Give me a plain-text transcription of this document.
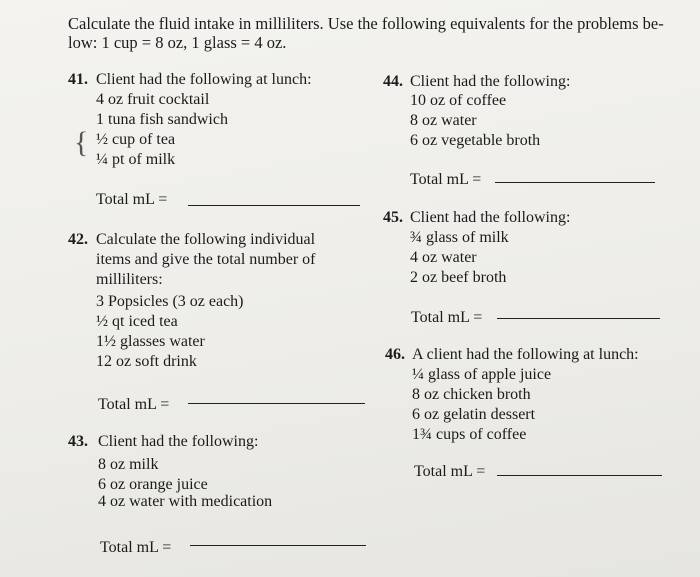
Calculate the fluid intake in milliliters. Use the following equivalents for the problems be-
low: 1 cup = 8 oz, 1 glass = 4 oz.
41. Client had the following at lunch:
4 oz fruit cocktail
1 tuna fish sandwich
½ cup of tea
¼ pt of milk
{
Total mL =
42. Calculate the following individual
items and give the total number of
milliliters:
3 Popsicles (3 oz each)
½ qt iced tea
1½ glasses water
12 oz soft drink
Total mL =
43. Client had the following:
8 oz milk
6 oz orange juice
4 oz water with medication
Total mL =
44. Client had the following:
10 oz of coffee
8 oz water
6 oz vegetable broth
Total mL =
45. Client had the following:
¾ glass of milk
4 oz water
2 oz beef broth
Total mL =
46. A client had the following at lunch:
¼ glass of apple juice
8 oz chicken broth
6 oz gelatin dessert
1¾ cups of coffee
Total mL =
